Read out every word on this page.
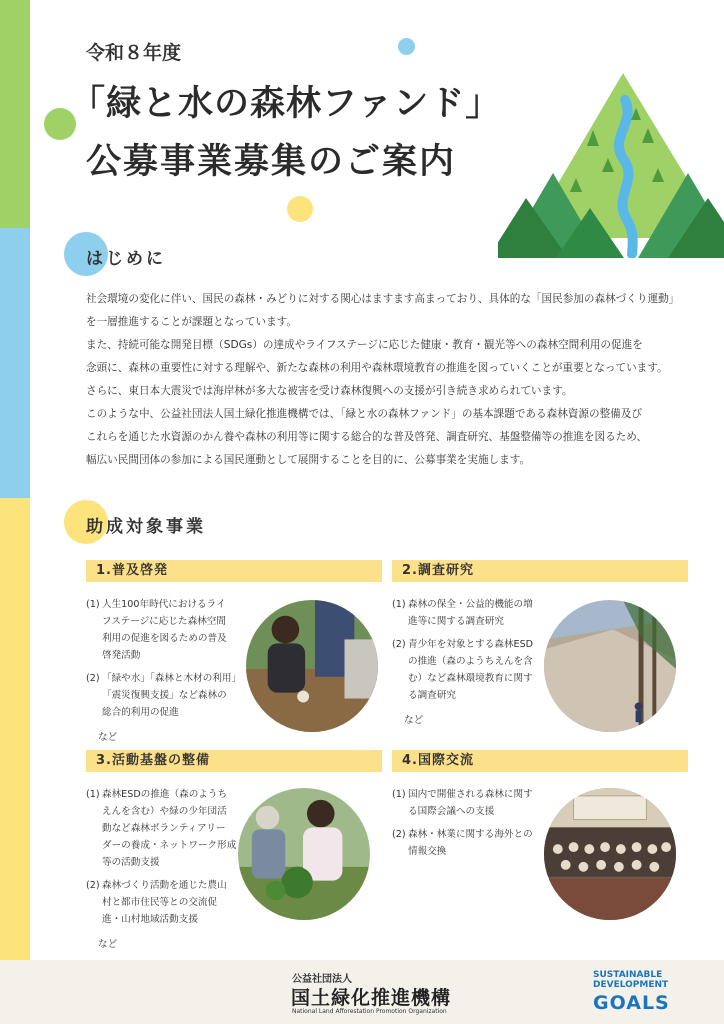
令和８年度
「緑と水の森林ファンド」
公募事業募集のご案内
はじめに

社会環境の変化に伴い、国民の森林・みどりに対する関心はますます高まっており、具体的な「国民参加の森林づくり運動」

を一層推進することが課題となっています。

また、持続可能な開発目標（SDGs）の達成やライフステージに応じた健康・教育・観光等への森林空間利用の促進を

念頭に、森林の重要性に対する理解や、新たな森林の利用や森林環境教育の推進を図っていくことが重要となっています。

さらに、東日本大震災では海岸林が多大な被害を受け森林復興への支援が引き続き求められています。

このような中、公益社団法人国土緑化推進機構では、「緑と水の森林ファンド」の基本課題である森林資源の整備及び

これらを通じた水資源のかん養や森林の利用等に関する総合的な普及啓発、調査研究、基盤整備等の推進を図るため、

幅広い民間団体の参加による国民運動として展開することを目的に、公募事業を実施します。

助成対象事業
1.普及啓発
(1) 人生100年時代におけるライ
フステージに応じた森林空間
利用の促進を図るための普及
啓発活動
(2) 「緑や水」「森林と木材の利用」
「震災復興支援」など森林の
総合的利用の促進
など
2.調査研究
(1) 森林の保全・公益的機能の増
進等に関する調査研究
(2) 青少年を対象とする森林ESD
の推進（森のようちえんを含
む）など森林環境教育に関す
る調査研究
など
3.活動基盤の整備
(1) 森林ESDの推進（森のようち
えんを含む）や緑の少年団活
動など森林ボランティアリー
ダーの養成・ネットワーク形成
等の活動支援
(2) 森林づくり活動を通じた農山
村と都市住民等との交流促
進・山村地域活動支援
など
4.国際交流
(1) 国内で開催される森林に関す
る国際会議への支援
(2) 森林・林業に関する海外との
情報交換
公益社団法人
国土緑化推進機構
National Land Afforestation Promotion Organization
SUSTAINABLE
DEVELOPMENT
GOALS
